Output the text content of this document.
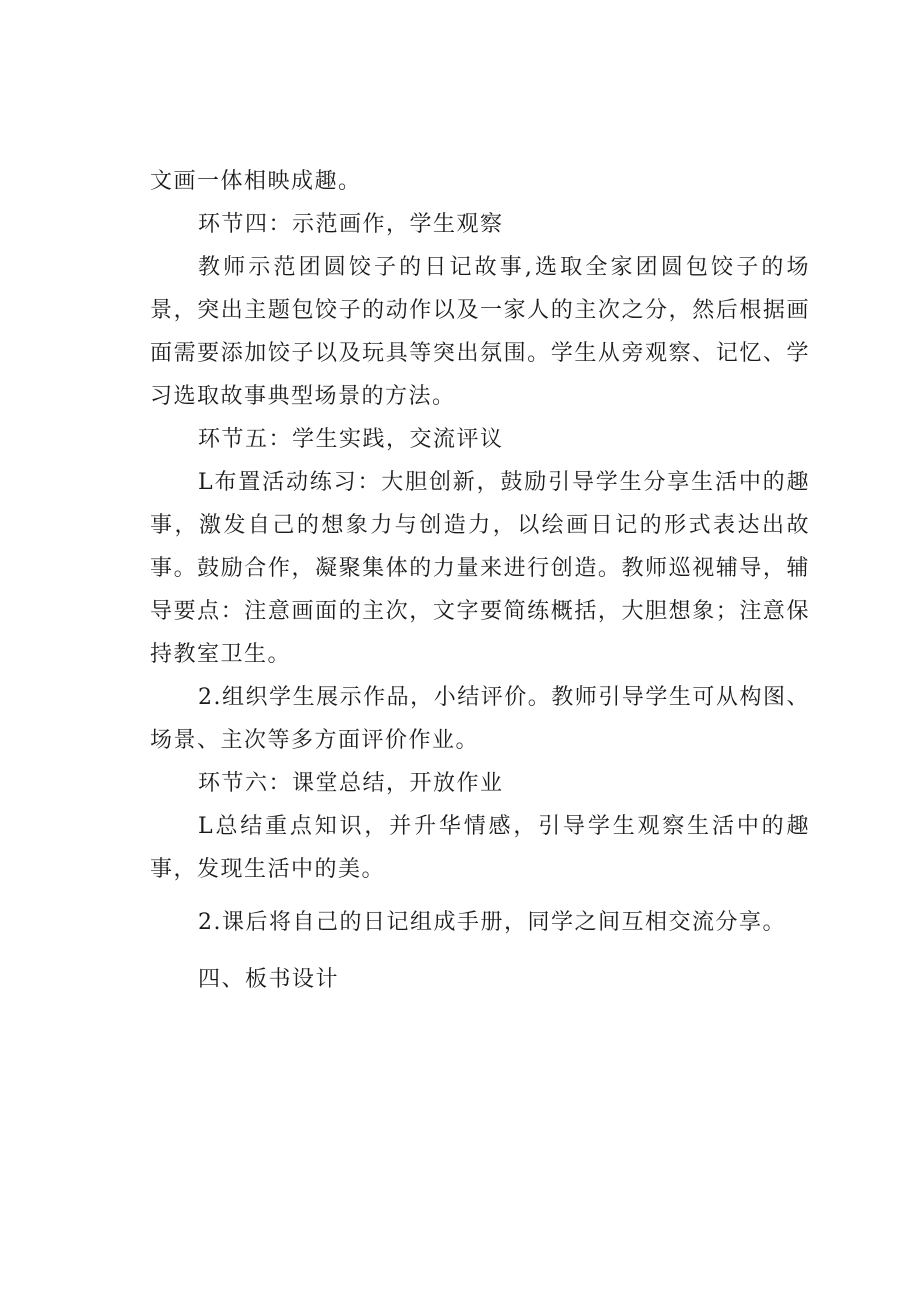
文画一体相映成趣。

环节四：示范画作，学生观察

教师示范团圆饺子的日记故事,选取全家团圆包饺子的场景，突出主题包饺子的动作以及一家人的主次之分，然后根据画面需要添加饺子以及玩具等突出氛围。学生从旁观察、记忆、学习选取故事典型场景的方法。

环节五：学生实践，交流评议

L布置活动练习：大胆创新，鼓励引导学生分享生活中的趣事，激发自己的想象力与创造力，以绘画日记的形式表达出故事。鼓励合作，凝聚集体的力量来进行创造。教师巡视辅导，辅导要点：注意画面的主次，文字要简练概括，大胆想象；注意保持教室卫生。

2.组织学生展示作品，小结评价。教师引导学生可从构图、场景、主次等多方面评价作业。

环节六：课堂总结，开放作业

L总结重点知识，并升华情感，引导学生观察生活中的趣事，发现生活中的美。

2.课后将自己的日记组成手册，同学之间互相交流分享。

四、板书设计
